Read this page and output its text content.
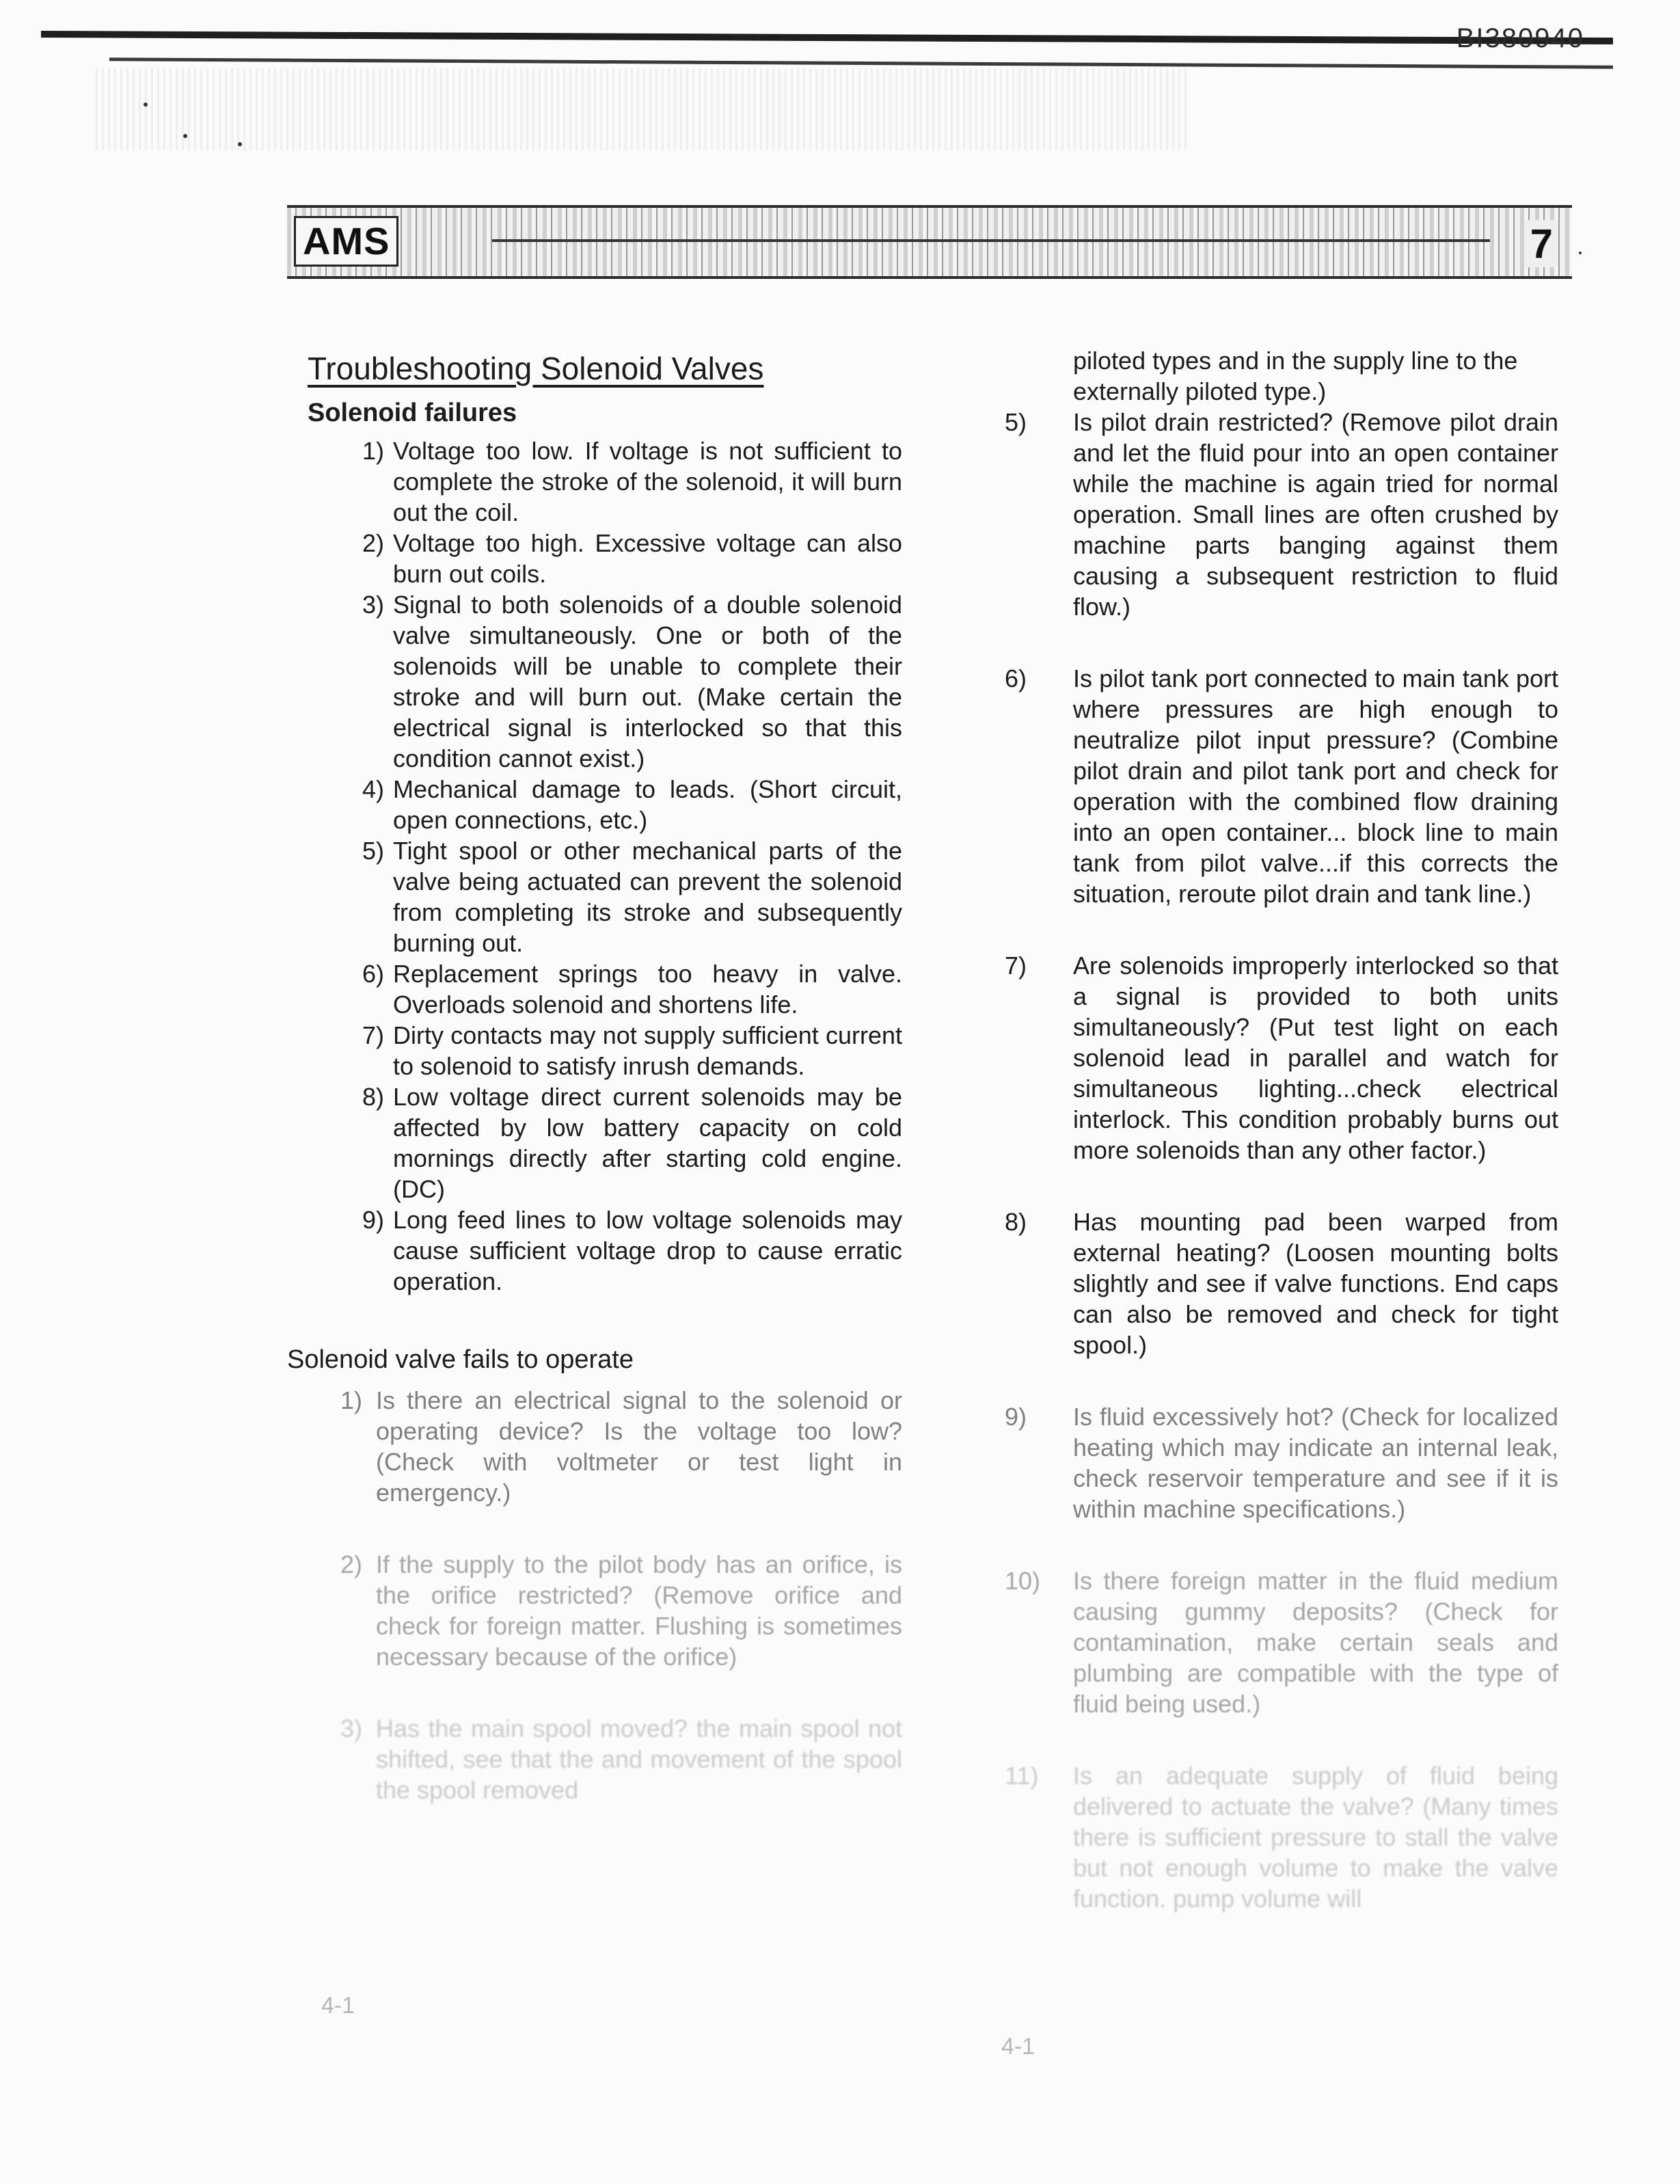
BI380940
AMS	7
Troubleshooting Solenoid Valves
Solenoid failures
1) Voltage too low. If voltage is not sufficient to complete the stroke of the solenoid, it will burn out the coil.
2) Voltage too high. Excessive voltage can also burn out coils.
3) Signal to both solenoids of a double solenoid valve simultaneously. One or both of the solenoids will be unable to complete their stroke and will burn out. (Make certain the electrical signal is interlocked so that this condition cannot exist.)
4) Mechanical damage to leads. (Short circuit, open connections, etc.)
5) Tight spool or other mechanical parts of the valve being actuated can prevent the solenoid from completing its stroke and subsequently burning out.
6) Replacement springs too heavy in valve. Overloads solenoid and shortens life.
7) Dirty contacts may not supply sufficient current to solenoid to satisfy inrush demands.
8) Low voltage direct current solenoids may be affected by low battery capacity on cold mornings directly after starting cold engine. (DC)
9) Long feed lines to low voltage solenoids may cause sufficient voltage drop to cause erratic operation.
Solenoid valve fails to operate
1) Is there an electrical signal to the solenoid or operating device? Is the voltage too low? (Check with voltmeter or test light in emergency.)
2) If the supply to the pilot body has an orifice, is the orifice restricted? (Remove orifice and check for foreign matter. Flushing is sometimes necessary because of the orifice)
3) Has the main spool moved? the main spool not shifted, see that the and movement of the spool the spool removed
4-1

piloted types and in the supply line to the externally piloted type.)

5)	Is pilot drain restricted? (Remove pilot drain and let the fluid pour into an open container while the machine is again tried for normal operation. Small lines are often crushed by machine parts banging against them causing a subsequent restriction to fluid flow.)
6)	Is pilot tank port connected to main tank port where pressures are high enough to neutralize pilot input pressure? (Combine pilot drain and pilot tank port and check for operation with the combined flow draining into an open container... block line to main tank from pilot valve...if this corrects the situation, reroute pilot drain and tank line.)
7)	Are solenoids improperly interlocked so that a signal is provided to both units simultaneously? (Put test light on each solenoid lead in parallel and watch for simultaneous lighting...check electrical interlock. This condition probably burns out more solenoids than any other factor.)
8)	Has mounting pad been warped from external heating? (Loosen mounting bolts slightly and see if valve functions. End caps can also be removed and check for tight spool.)
9)	Is fluid excessively hot? (Check for localized heating which may indicate an internal leak, check reservoir temperature and see if it is within machine specifications.)
10)	Is there foreign matter in the fluid medium causing gummy deposits? (Check for contamination, make certain seals and plumbing are compatible with the type of fluid being used.)
11)	Is an adequate supply of fluid being delivered to actuate the valve? (Many times there is sufficient pressure to stall the valve but not enough volume to make the valve function. pump volume will
4-1
